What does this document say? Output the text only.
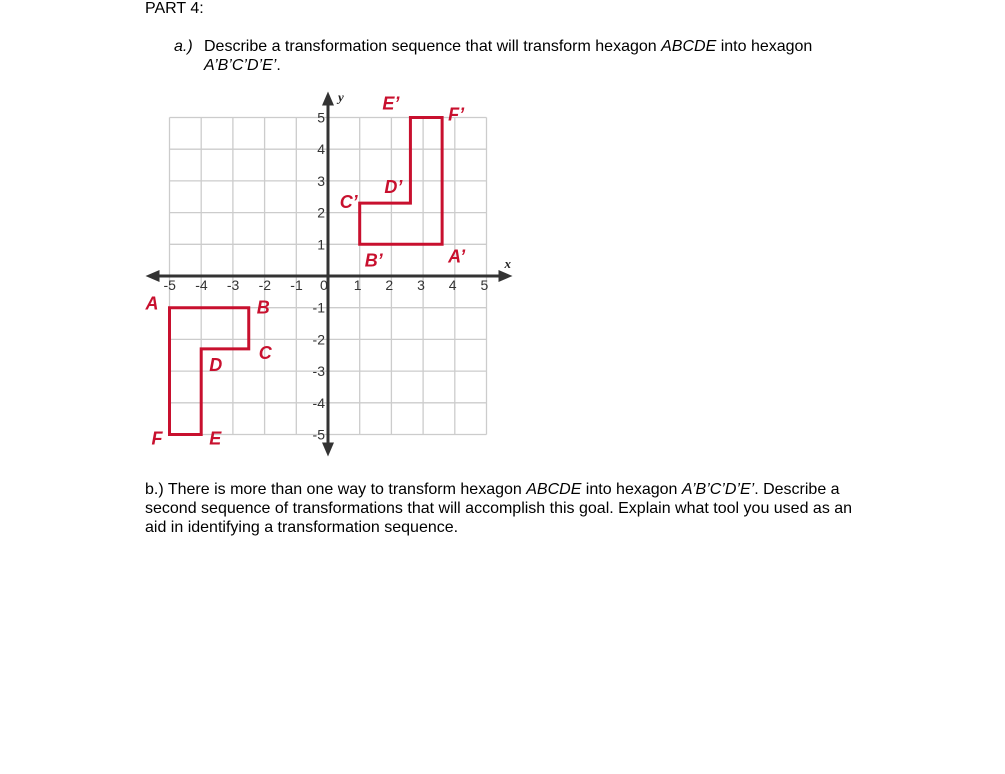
PART 4:
a.) Describe a transformation sequence that will transform hexagon ABCDE into hexagon A’B’C’D’E’.
x
y
-5 -4 -3 -2 -1 0 1 2 3 4 5
5
4
3
2
1
-1
-2
-3
-4
-5
A	B
C
D
E
F
A’
B’
C’
D’
E’
F’
b.) There is more than one way to transform hexagon ABCDE into hexagon A’B’C’D’E’. Describe a second sequence of transformations that will accomplish this goal. Explain what tool you used as an aid in identifying a transformation sequence.
